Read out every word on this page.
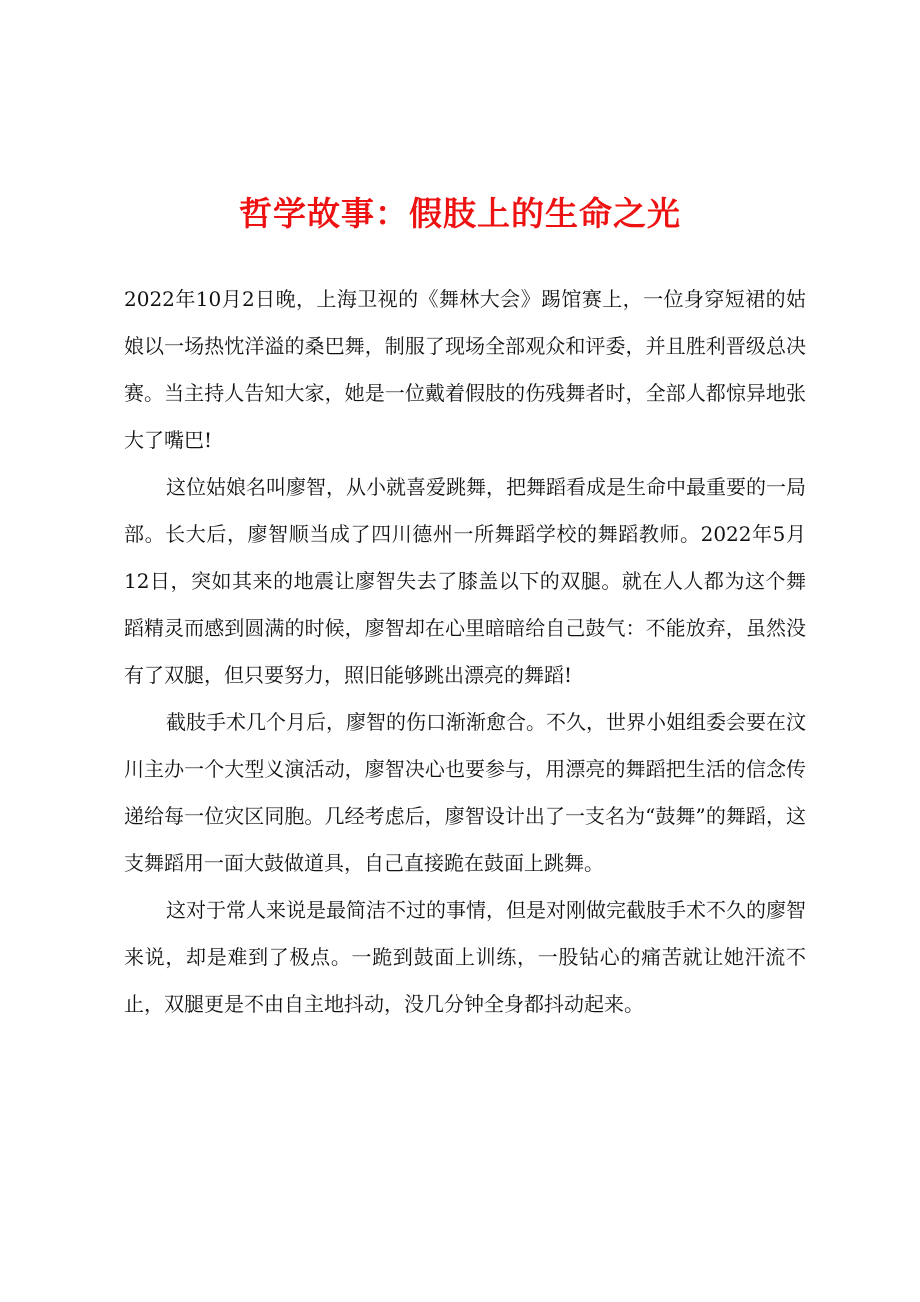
哲学故事：假肢上的生命之光

2022年10月2日晚，上海卫视的《舞林大会》踢馆赛上，一位身穿短裙的姑娘以一场热忱洋溢的桑巴舞，制服了现场全部观众和评委，并且胜利晋级总决赛。当主持人告知大家，她是一位戴着假肢的伤残舞者时，全部人都惊异地张大了嘴巴!

这位姑娘名叫廖智，从小就喜爱跳舞，把舞蹈看成是生命中最重要的一局部。长大后，廖智顺当成了四川德州一所舞蹈学校的舞蹈教师。2022年5月12日，突如其来的地震让廖智失去了膝盖以下的双腿。就在人人都为这个舞蹈精灵而感到圆满的时候，廖智却在心里暗暗给自己鼓气：不能放弃，虽然没有了双腿，但只要努力，照旧能够跳出漂亮的舞蹈!

截肢手术几个月后，廖智的伤口渐渐愈合。不久，世界小姐组委会要在汶川主办一个大型义演活动，廖智决心也要参与，用漂亮的舞蹈把生活的信念传递给每一位灾区同胞。几经考虑后，廖智设计出了一支名为“鼓舞”的舞蹈，这支舞蹈用一面大鼓做道具，自己直接跪在鼓面上跳舞。

这对于常人来说是最简洁不过的事情，但是对刚做完截肢手术不久的廖智来说，却是难到了极点。一跪到鼓面上训练，一股钻心的痛苦就让她汗流不止，双腿更是不由自主地抖动，没几分钟全身都抖动起来。
